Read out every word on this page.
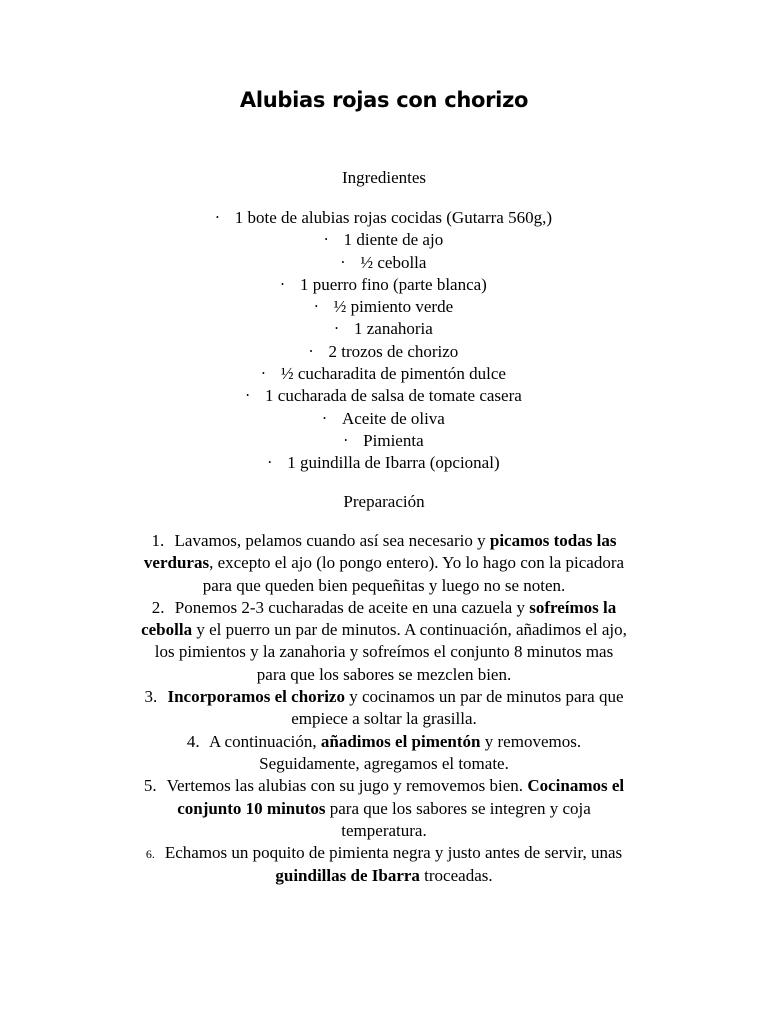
Alubias rojas con chorizo

Ingredientes

• 1 bote de alubias rojas cocidas (Gutarra 560g,)
• 1 diente de ajo
• ½ cebolla
• 1 puerro fino (parte blanca)
• ½ pimiento verde
• 1 zanahoria
• 2 trozos de chorizo
• ½ cucharadita de pimentón dulce
• 1 cucharada de salsa de tomate casera
• Aceite de oliva
• Pimienta
• 1 guindilla de Ibarra (opcional)

Preparación

1. Lavamos, pelamos cuando así sea necesario y picamos todas las verduras, excepto el ajo (lo pongo entero). Yo lo hago con la picadora para que queden bien pequeñitas y luego no se noten.
2. Ponemos 2-3 cucharadas de aceite en una cazuela y sofreímos la cebolla y el puerro un par de minutos. A continuación, añadimos el ajo, los pimientos y la zanahoria y sofreímos el conjunto 8 minutos mas para que los sabores se mezclen bien.
3. Incorporamos el chorizo y cocinamos un par de minutos para que empiece a soltar la grasilla.
4. A continuación, añadimos el pimentón y removemos. Seguidamente, agregamos el tomate.
5. Vertemos las alubias con su jugo y removemos bien. Cocinamos el conjunto 10 minutos para que los sabores se integren y coja temperatura.
6. Echamos un poquito de pimienta negra y justo antes de servir, unas guindillas de Ibarra troceadas.
